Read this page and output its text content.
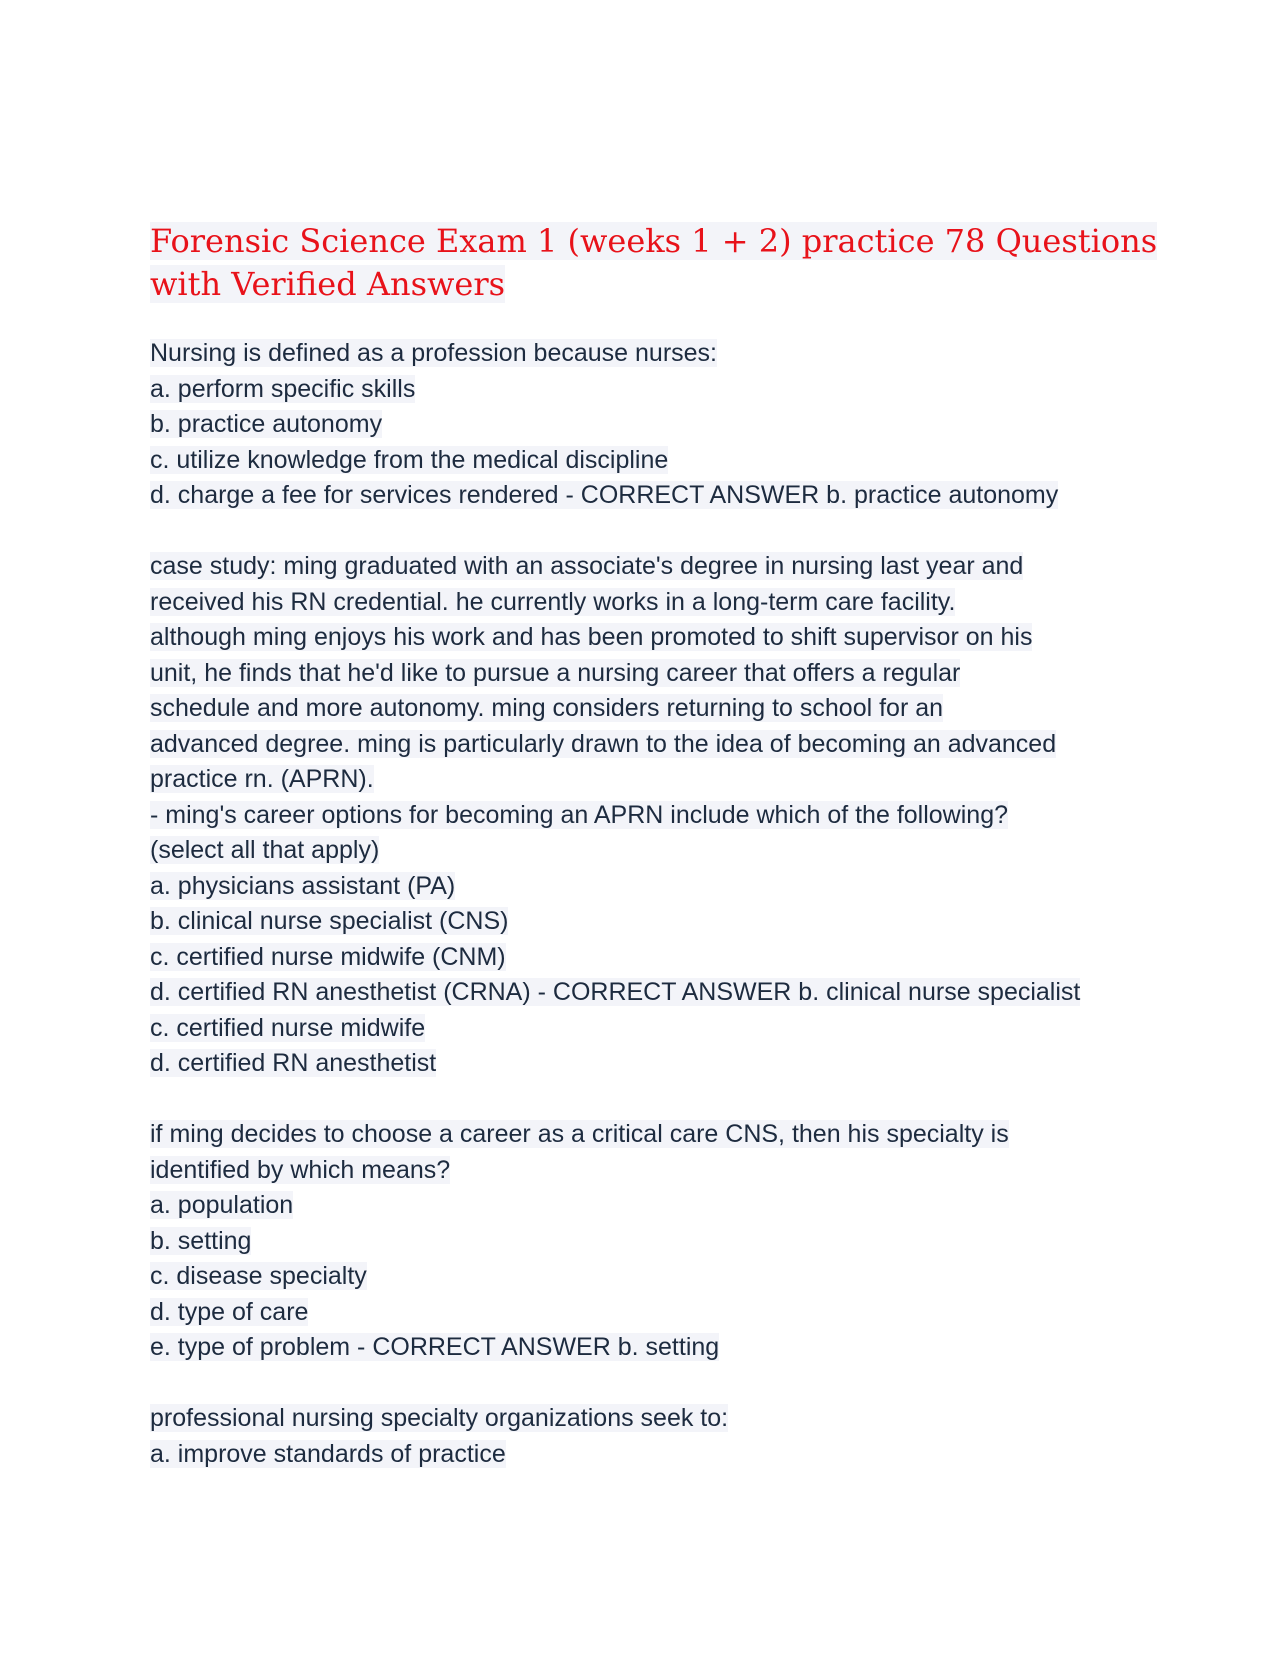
Forensic Science Exam 1 (weeks 1 + 2) practice 78 Questions
with Verified Answers
Nursing is defined as a profession because nurses:
a. perform specific skills
b. practice autonomy
c. utilize knowledge from the medical discipline
d. charge a fee for services rendered - CORRECT ANSWER b. practice autonomy
case study: ming graduated with an associate's degree in nursing last year and
received his RN credential. he currently works in a long-term care facility.
although ming enjoys his work and has been promoted to shift supervisor on his
unit, he finds that he'd like to pursue a nursing career that offers a regular
schedule and more autonomy. ming considers returning to school for an
advanced degree. ming is particularly drawn to the idea of becoming an advanced
practice rn. (APRN).
- ming's career options for becoming an APRN include which of the following?
(select all that apply)
a. physicians assistant (PA)
b. clinical nurse specialist (CNS)
c. certified nurse midwife (CNM)
d. certified RN anesthetist (CRNA) - CORRECT ANSWER b. clinical nurse specialist
c. certified nurse midwife
d. certified RN anesthetist
if ming decides to choose a career as a critical care CNS, then his specialty is
identified by which means?
a. population
b. setting
c. disease specialty
d. type of care
e. type of problem - CORRECT ANSWER b. setting
professional nursing specialty organizations seek to:
a. improve standards of practice
